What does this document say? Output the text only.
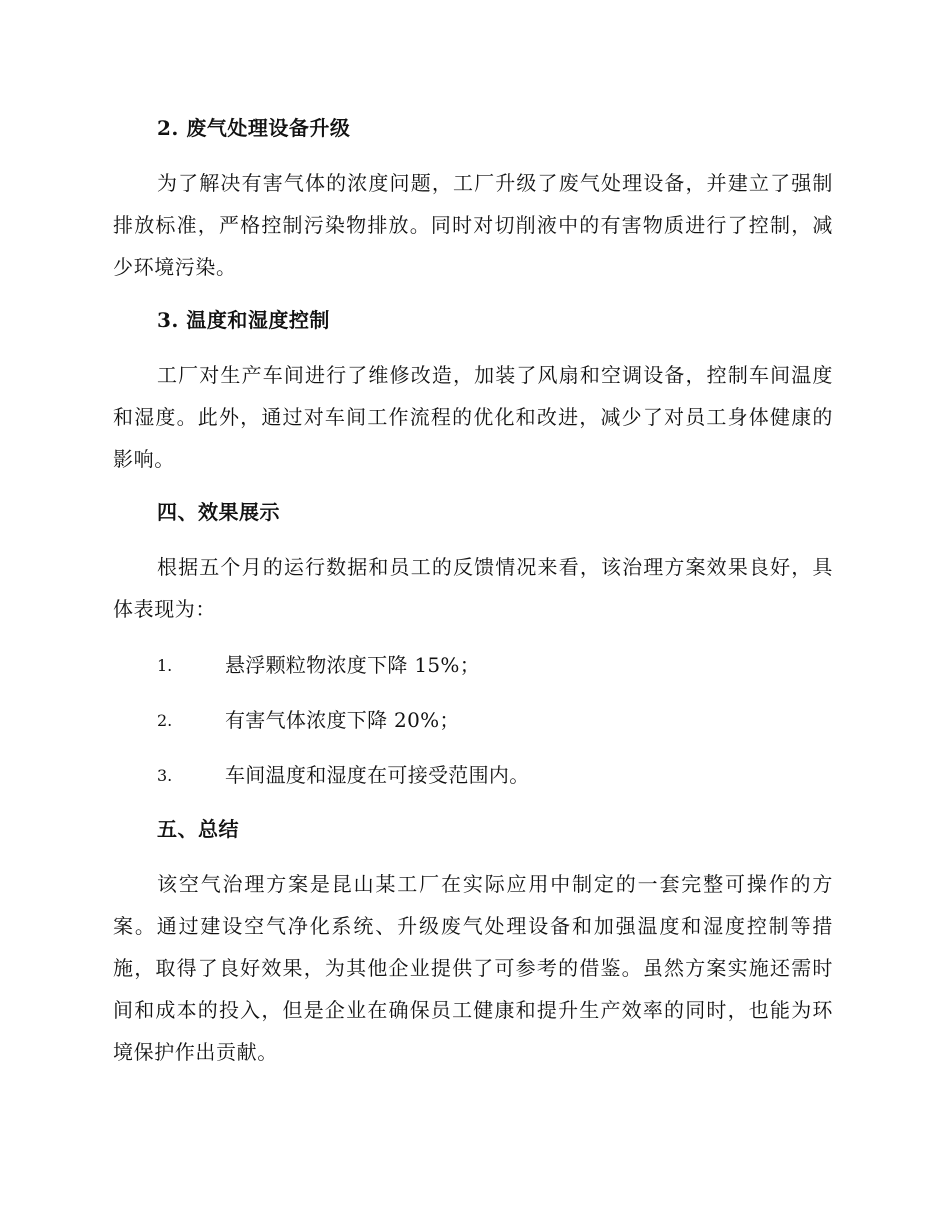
2. 废气处理设备升级

为了解决有害气体的浓度问题，工厂升级了废气处理设备，并建立了强制排放标准，严格控制污染物排放。同时对切削液中的有害物质进行了控制，减少环境污染。

3. 温度和湿度控制

工厂对生产车间进行了维修改造，加装了风扇和空调设备，控制车间温度和湿度。此外，通过对车间工作流程的优化和改进，减少了对员工身体健康的影响。

四、效果展示

根据五个月的运行数据和员工的反馈情况来看，该治理方案效果良好，具体表现为：

1.	悬浮颗粒物浓度下降 15%；
2.	有害气体浓度下降 20%；
3.	车间温度和湿度在可接受范围内。

五、总结

该空气治理方案是昆山某工厂在实际应用中制定的一套完整可操作的方案。通过建设空气净化系统、升级废气处理设备和加强温度和湿度控制等措施，取得了良好效果，为其他企业提供了可参考的借鉴。虽然方案实施还需时间和成本的投入，但是企业在确保员工健康和提升生产效率的同时，也能为环境保护作出贡献。
